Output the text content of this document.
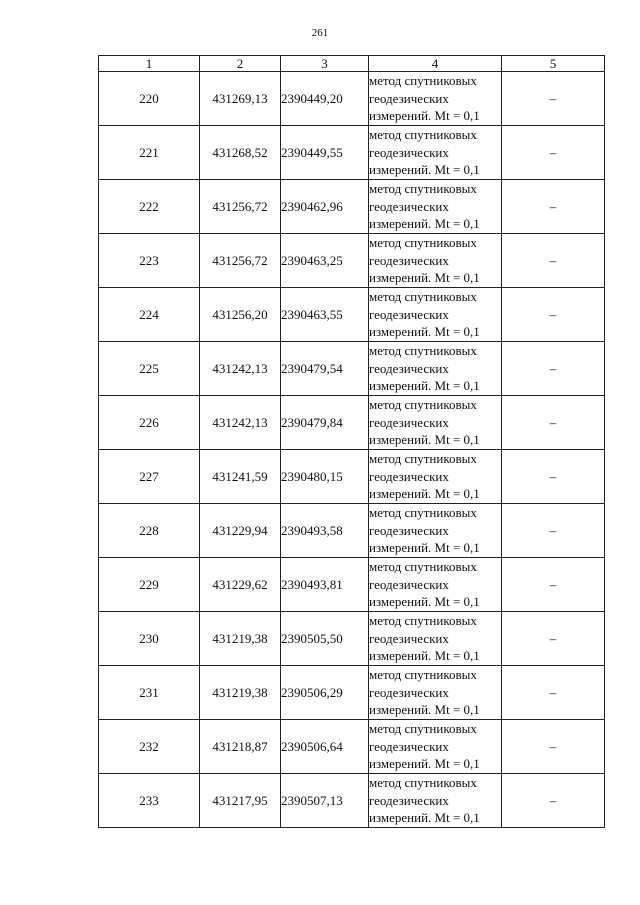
261
1	2	3	4	5
220	431269,13	2390449,20	метод спутниковых
геодезических
измерений. Mt = 0,1	–
221	431268,52	2390449,55	метод спутниковых
геодезических
измерений. Mt = 0,1	–
222	431256,72	2390462,96	метод спутниковых
геодезических
измерений. Mt = 0,1	–
223	431256,72	2390463,25	метод спутниковых
геодезических
измерений. Mt = 0,1	–
224	431256,20	2390463,55	метод спутниковых
геодезических
измерений. Mt = 0,1	–
225	431242,13	2390479,54	метод спутниковых
геодезических
измерений. Mt = 0,1	–
226	431242,13	2390479,84	метод спутниковых
геодезических
измерений. Mt = 0,1	–
227	431241,59	2390480,15	метод спутниковых
геодезических
измерений. Mt = 0,1	–
228	431229,94	2390493,58	метод спутниковых
геодезических
измерений. Mt = 0,1	–
229	431229,62	2390493,81	метод спутниковых
геодезических
измерений. Mt = 0,1	–
230	431219,38	2390505,50	метод спутниковых
геодезических
измерений. Mt = 0,1	–
231	431219,38	2390506,29	метод спутниковых
геодезических
измерений. Mt = 0,1	–
232	431218,87	2390506,64	метод спутниковых
геодезических
измерений. Mt = 0,1	–
233	431217,95	2390507,13	метод спутниковых
геодезических
измерений. Mt = 0,1	–
